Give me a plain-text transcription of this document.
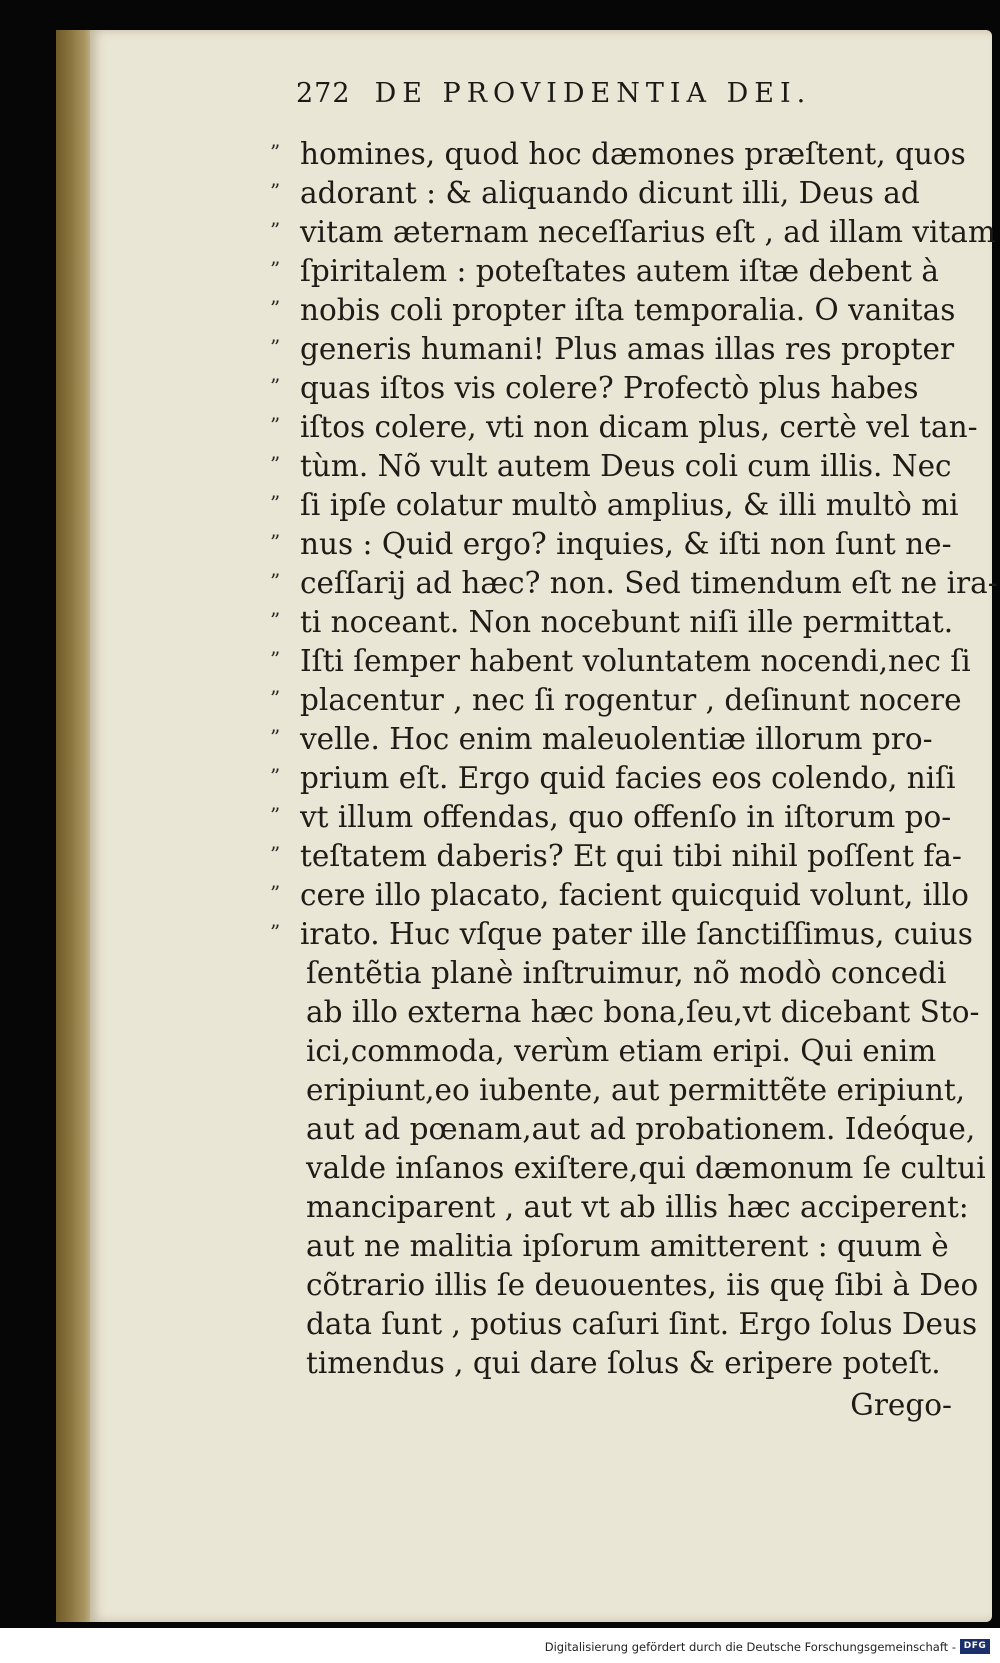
272 DE PROVIDENTIA DEI.
” homines, quod hoc dæmones præſtent, quos
” adorant : & aliquando dicunt illi, Deus ad
” vitam æternam neceſſarius eſt , ad illam vitam
” ſpiritalem : poteſtates autem iſtæ debent à
” nobis coli propter iſta temporalia. O vanitas
” generis humani! Plus amas illas res propter
” quas iſtos vis colere? Profectò plus habes
” iſtos colere, vti non dicam plus, certè vel tan-
” tùm. Nõ vult autem Deus coli cum illis. Nec
” ſi ipſe colatur multò amplius, & illi multò mi
” nus : Quid ergo? inquies, & iſti non ſunt ne-
” ceſſarij ad hæc? non. Sed timendum eſt ne ira-
” ti noceant. Non nocebunt niſi ille permittat.
” Iſti ſemper habent voluntatem nocendi,nec ſi
” placentur , nec ſi rogentur , deſinunt nocere
” velle. Hoc enim maleuolentiæ illorum pro-
” prium eſt. Ergo quid facies eos colendo, niſi
” vt illum offendas, quo offenſo in iſtorum po-
” teſtatem daberis? Et qui tibi nihil poſſent fa-
” cere illo placato, facient quicquid volunt, illo
” irato. Huc vſque pater ille ſanctiſſimus, cuius
ſentẽtia planè inſtruimur, nõ modò concedi
ab illo externa hæc bona,ſeu,vt dicebant Sto-
ici,commoda, verùm etiam eripi. Qui enim
eripiunt,eo iubente, aut permittẽte eripiunt,
aut ad pœnam,aut ad probationem. Ideóque,
valde inſanos exiſtere,qui dæmonum ſe cultui
manciparent , aut vt ab illis hæc acciperent:
aut ne malitia ipſorum amitterent : quum è
cõtrario illis ſe deuouentes, iis quę ſibi à Deo
data ſunt , potius caſuri ſint. Ergo ſolus Deus
timendus , qui dare ſolus & eripere poteſt.
Grego-
Digitalisierung gefördert durch die Deutsche Forschungsgemeinschaft - DFG
